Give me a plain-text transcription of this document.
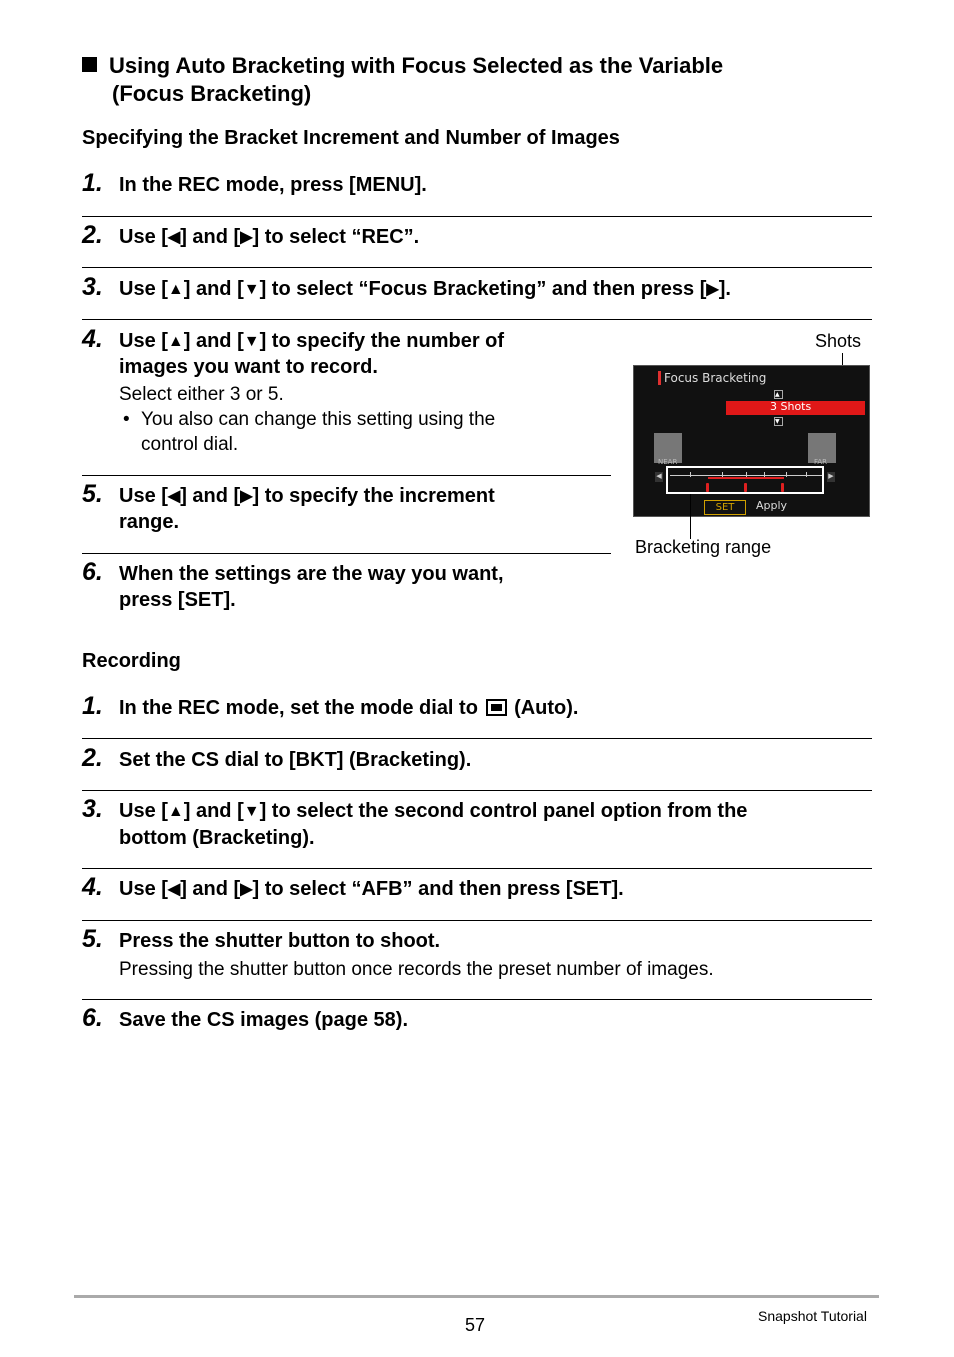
Using Auto Bracketing with Focus Selected as the Variable
(Focus Bracketing)
Specifying the Bracket Increment and Number of Images
1. In the REC mode, press [MENU].
2. Use [◀] and [▶] to select “REC”.
3. Use [▲] and [▼] to select “Focus Bracketing” and then press [▶].
4. Use [▲] and [▼] to specify the number of
images you want to record.
Select either 3 or 5.
• You also can change this setting using the
control dial.
5. Use [◀] and [▶] to specify the increment
range.
6. When the settings are the way you want,
press [SET].
Shots
Focus Bracketing
▲
3 Shots
▼
NEAR	FAR
◀	▶
SET	Apply
Bracketing range
Recording
1. In the REC mode, set the mode dial to (Auto).
2. Set the CS dial to [BKT] (Bracketing).
3. Use [▲] and [▼] to select the second control panel option from the
bottom (Bracketing).
4. Use [◀] and [▶] to select “AFB” and then press [SET].
5. Press the shutter button to shoot.
Pressing the shutter button once records the preset number of images.
6. Save the CS images (page 58).
57	Snapshot Tutorial
